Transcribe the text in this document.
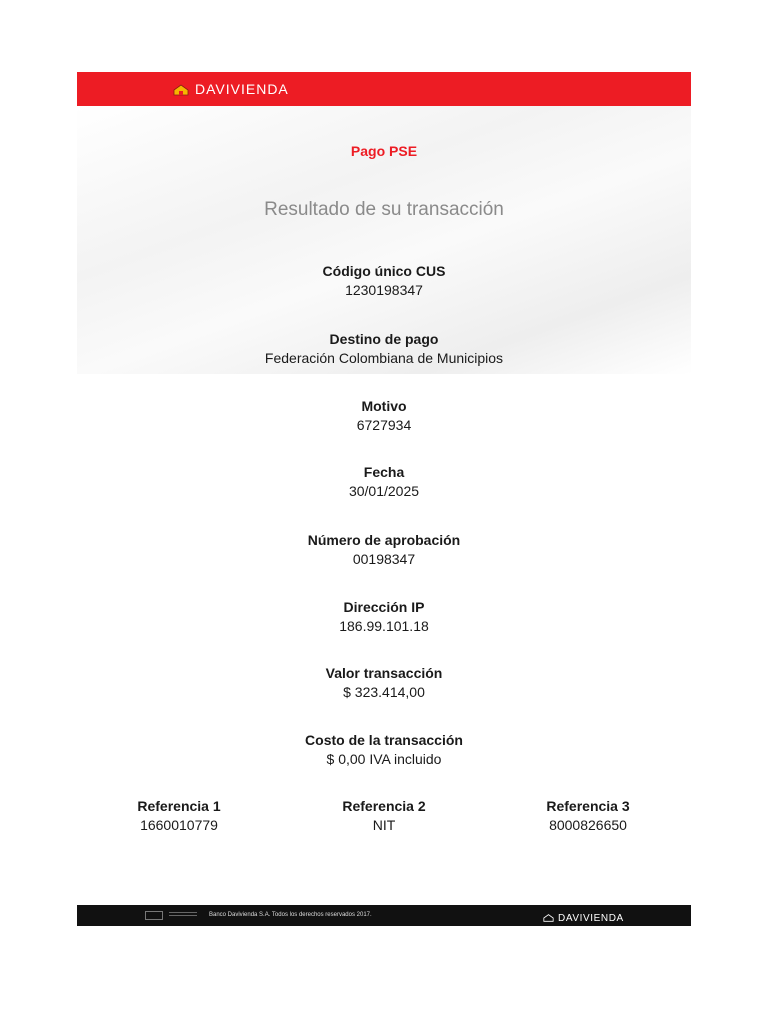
DAVIVIENDA
Pago PSE
Resultado de su transacción
Código único CUS
1230198347
Destino de pago
Federación Colombiana de Municipios
Motivo
6727934
Fecha
30/01/2025
Número de aprobación
00198347
Dirección IP
186.99.101.18
Valor transacción
$ 323.414,00
Costo de la transacción
$ 0,00 IVA incluido
Referencia 1
1660010779
Referencia 2
NIT
Referencia 3
8000826650
Banco Davivienda S.A. Todos los derechos reservados 2017.	DAVIVIENDA
